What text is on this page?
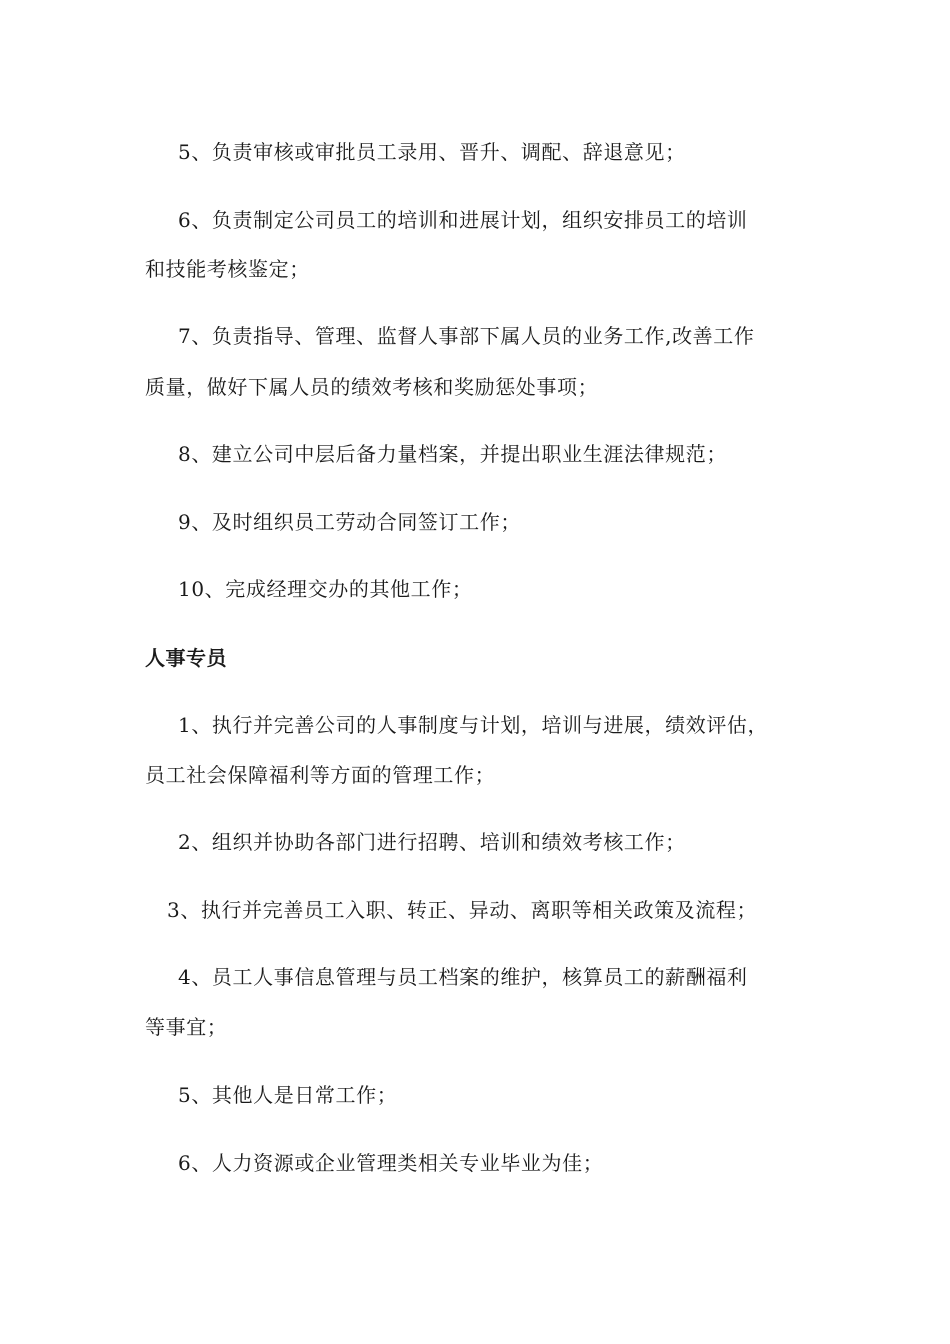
5、负责审核或审批员工录用、晋升、调配、辞退意见；
6、负责制定公司员工的培训和进展计划，组织安排员工的培训
和技能考核鉴定；
7、负责指导、管理、监督人事部下属人员的业务工作,改善工作
质量，做好下属人员的绩效考核和奖励惩处事项；
8、建立公司中层后备力量档案，并提出职业生涯法律规范；
9、及时组织员工劳动合同签订工作；
10、完成经理交办的其他工作；
人事专员
1、执行并完善公司的人事制度与计划，培训与进展，绩效评估，
员工社会保障福利等方面的管理工作；
2、组织并协助各部门进行招聘、培训和绩效考核工作；
3、执行并完善员工入职、转正、异动、离职等相关政策及流程；
4、员工人事信息管理与员工档案的维护，核算员工的薪酬福利
等事宜；
5、其他人是日常工作；
6、人力资源或企业管理类相关专业毕业为佳；
